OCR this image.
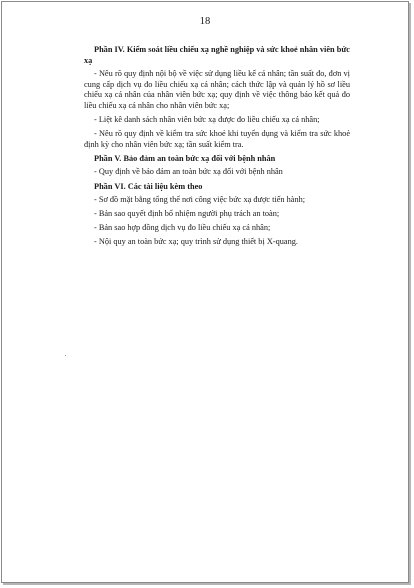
18

Phần IV. Kiểm soát liều chiếu xạ nghề nghiệp và sức khoẻ nhân viên bức xạ

- Nêu rõ quy định nội bộ về việc sử dụng liều kế cá nhân; tần suất đo, đơn vị cung cấp dịch vụ đo liều chiếu xạ cá nhân; cách thức lập và quản lý hồ sơ liều chiếu xạ cá nhân của nhân viên bức xạ; quy định về việc thông báo kết quả đo liều chiếu xạ cá nhân cho nhân viên bức xạ;

- Liệt kê danh sách nhân viên bức xạ được đo liều chiếu xạ cá nhân;

- Nêu rõ quy định về kiểm tra sức khoẻ khi tuyển dụng và kiểm tra sức khoẻ định kỳ cho nhân viên bức xạ; tần suất kiểm tra.

Phần V. Bảo đảm an toàn bức xạ đối với bệnh nhân

- Quy định về bảo đảm an toàn bức xạ đối với bệnh nhân

Phần VI. Các tài liệu kèm theo

- Sơ đồ mặt bằng tổng thể nơi công việc bức xạ được tiến hành;

- Bản sao quyết định bổ nhiệm người phụ trách an toàn;

- Bản sao hợp đồng dịch vụ đo liều chiếu xạ cá nhân;

- Nội quy an toàn bức xạ; quy trình sử dụng thiết bị X-quang.
